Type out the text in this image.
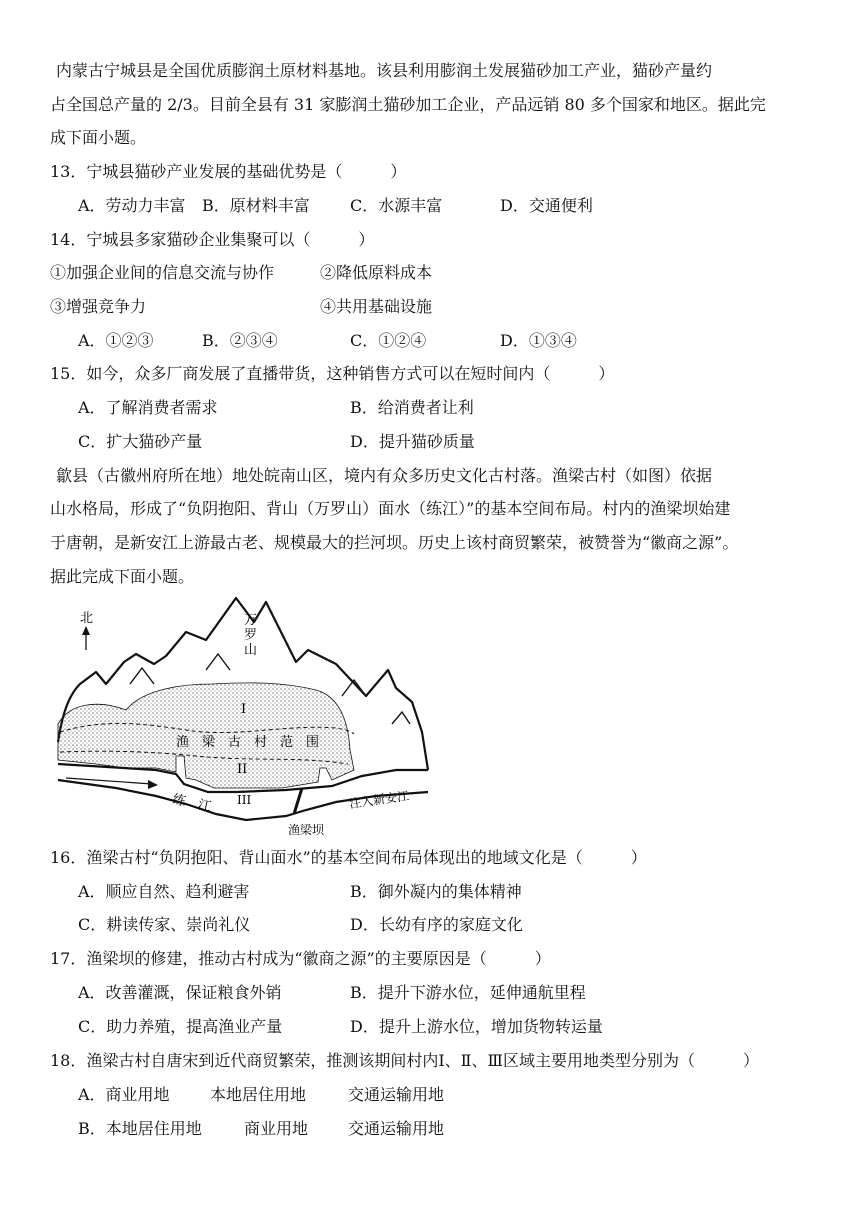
内蒙古宁城县是全国优质膨润土原材料基地。该县利用膨润土发展猫砂加工产业，猫砂产量约
占全国总产量的 2/3。目前全县有 31 家膨润土猫砂加工企业，产品远销 80 多个国家和地区。据此完
成下面小题。
13．宁城县猫砂产业发展的基础优势是（　　　）
A．劳动力丰富 B．原材料丰富	C．水源丰富	D．交通便利
14．宁城县多家猫砂企业集聚可以（　　　）
①加强企业间的信息交流与协作	②降低原料成本
③增强竞争力	④共用基础设施
A．①②③	B．②③④	C．①②④	D．①③④
15．如今，众多厂商发展了直播带货，这种销售方式可以在短时间内（　　　）
A．了解消费者需求	B．给消费者让利
C．扩大猫砂产量	D．提升猫砂质量
歙县（古徽州府所在地）地处皖南山区，境内有众多历史文化古村落。渔梁古村（如图）依据
山水格局，形成了“负阴抱阳、背山（万罗山）面水（练江）”的基本空间布局。村内的渔梁坝始建
于唐朝，是新安江上游最古老、规模最大的拦河坝。历史上该村商贸繁荣，被赞誉为“徽商之源”。
据此完成下面小题。
北	万
罗
山
I
渔　梁　古　村　范　围
II
III
练　江	注入新安江
渔梁坝
16．渔梁古村“负阴抱阳、背山面水”的基本空间布局体现出的地域文化是（　　　）
A．顺应自然、趋利避害	B．御外凝内的集体精神
C．耕读传家、崇尚礼仪	D．长幼有序的家庭文化
17．渔梁坝的修建，推动古村成为“徽商之源”的主要原因是（　　　）
A．改善灌溉，保证粮食外销	B．提升下游水位，延伸通航里程
C．助力养殖，提高渔业产量	D．提升上游水位，增加货物转运量
18．渔梁古村自唐宋到近代商贸繁荣，推测该期间村内Ⅰ、Ⅱ、Ⅲ区域主要用地类型分别为（　　　）
A．商业用地	本地居住用地	交通运输用地
B．本地居住用地	商业用地 交通运输用地
